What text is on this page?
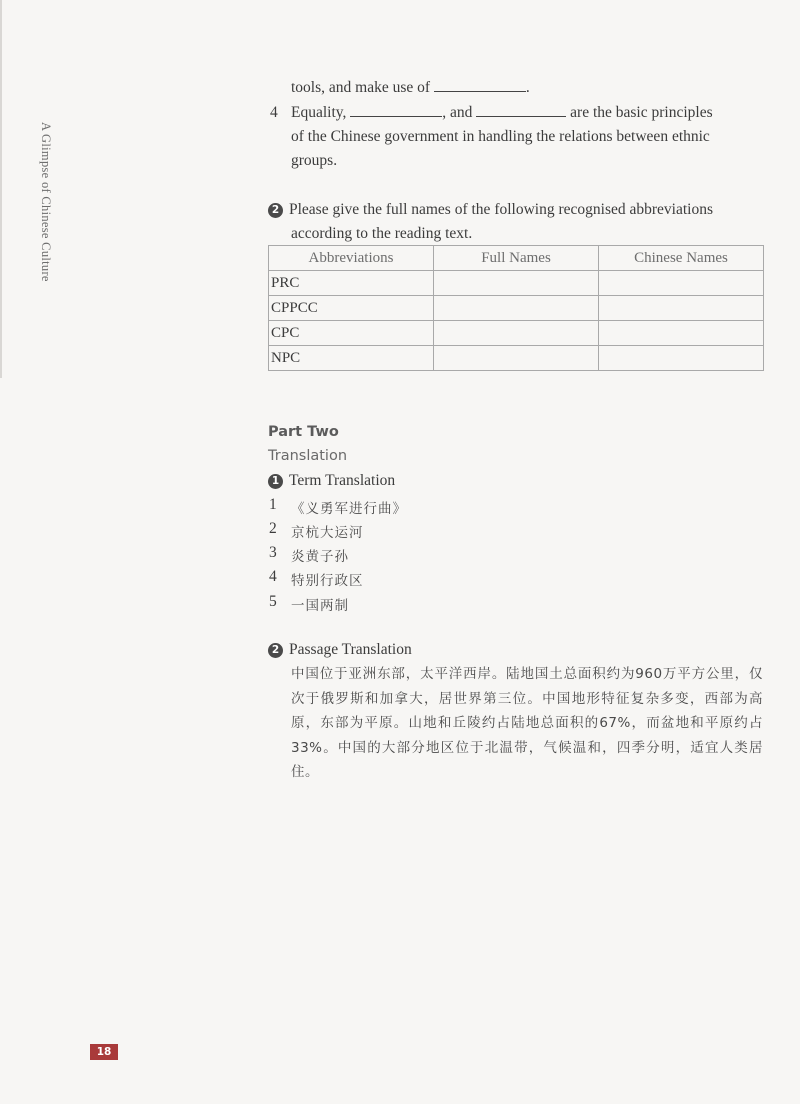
A Glimpse of Chinese Culture
tools, and make use of	.
4 Equality,	, and	are the basic principles
of the Chinese government in handling the relations between ethnic
groups.
2 Please give the full names of the following recognised abbreviations
according to the reading text.
Abbreviations	Full Names	Chinese Names
PRC		
CPPCC		
CPC		
NPC		
Part Two
Translation
1 Term Translation
1 《义勇军进行曲》
2 京杭大运河
3 炎黄子孙
4 特别行政区
5 一国两制
2 Passage Translation
中国位于亚洲东部，太平洋西岸。陆地国土总面积约为960万平方公里，仅次于俄罗斯和加拿大，居世界第三位。中国地形特征复杂多变，西部为高原，东部为平原。山地和丘陵约占陆地总面积的67%，而盆地和平原约占33%。中国的大部分地区位于北温带，气候温和，四季分明，适宜人类居住。
18
